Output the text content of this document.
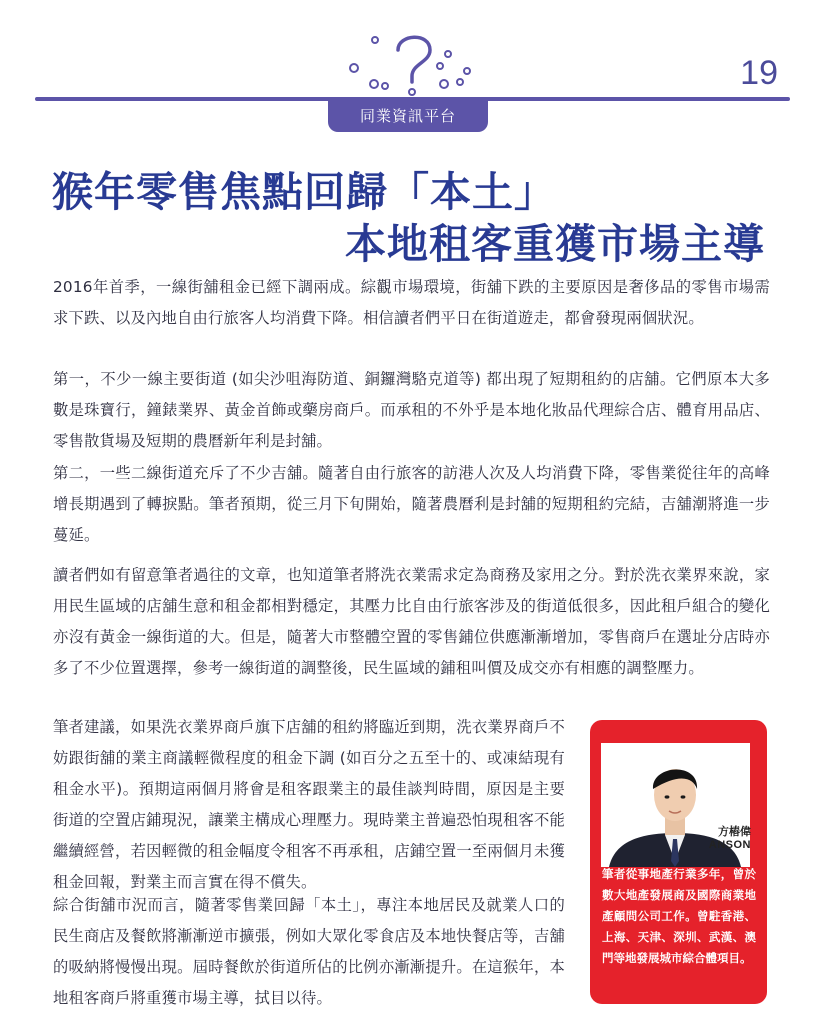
19
同業資訊平台
猴年零售焦點回歸「本土」
本地租客重獲市場主導

2016年首季，一線街舖租金已經下調兩成。綜觀市場環境，街舖下跌的主要原因是奢侈品的零售市場需求下跌、以及內地自由行旅客人均消費下降。相信讀者們平日在街道遊走，都會發現兩個狀況。

第一，不少一線主要街道 (如尖沙咀海防道、銅鑼灣駱克道等) 都出現了短期租約的店舖。它們原本大多數是珠寶行，鐘錶業界、黃金首飾或藥房商戶。而承租的不外乎是本地化妝品代理綜合店、體育用品店、零售散貨場及短期的農曆新年利是封舖。

第二，一些二線街道充斥了不少吉舖。隨著自由行旅客的訪港人次及人均消費下降，零售業從往年的高峰增長期遇到了轉捩點。筆者預期，從三月下旬開始，隨著農曆利是封舖的短期租約完結，吉舖潮將進一步蔓延。

讀者們如有留意筆者過往的文章，也知道筆者將洗衣業需求定為商務及家用之分。對於洗衣業界來說，家用民生區域的店舖生意和租金都相對穩定，其壓力比自由行旅客涉及的街道低很多，因此租戶組合的變化亦沒有黃金一線街道的大。但是，隨著大市整體空置的零售鋪位供應漸漸增加，零售商戶在選址分店時亦多了不少位置選擇，參考一線街道的調整後，民生區域的鋪租叫價及成交亦有相應的調整壓力。

筆者建議，如果洗衣業界商戶旗下店舖的租約將臨近到期，洗衣業界商戶不妨跟街舖的業主商議輕微程度的租金下調 (如百分之五至十的、或凍結現有租金水平)。預期這兩個月將會是租客跟業主的最佳談判時間，原因是主要街道的空置店鋪現況，讓業主構成心理壓力。現時業主普遍恐怕現租客不能繼續經營，若因輕微的租金幅度令租客不再承租，店鋪空置一至兩個月未獲租金回報，對業主而言實在得不償失。

綜合街舖市況而言，隨著零售業回歸「本土」，專注本地居民及就業人口的民生商店及餐飲將漸漸逆市擴張，例如大眾化零食店及本地快餐店等，吉舖的吸納將慢慢出現。屆時餐飲於街道所佔的比例亦漸漸提升。在這猴年，本地租客商戶將重獲市場主導，拭目以待。

方樁偉
ANSON

筆者從事地產行業多年，曾於數大地產發展商及國際商業地產顧問公司工作。曾駐香港、上海、天津、深圳、武漢、澳門等地發展城市綜合體項目。
